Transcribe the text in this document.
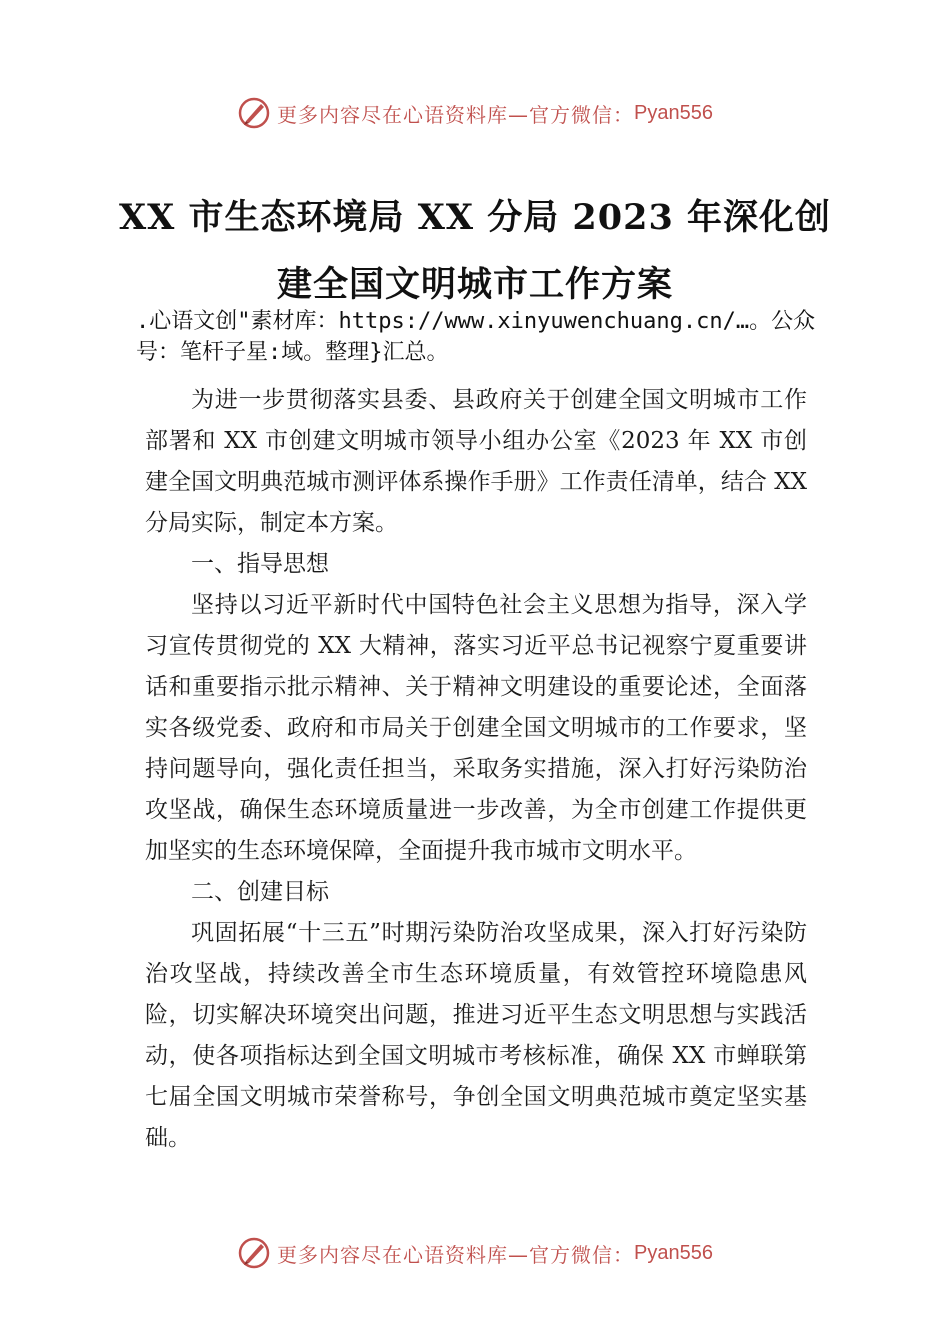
更多内容尽在心语资料库—官方微信： Pyan556
XX 市生态环境局 XX 分局 2023 年深化创
建全国文明城市工作方案
.心语文创"素材库：https://www.xinyuwenchuang.cn/…。公众号：笔杆子星:域。整理}汇总。

为进一步贯彻落实县委、县政府关于创建全国文明城市工作部署和 XX 市创建文明城市领导小组办公室《2023 年 XX 市创建全国文明典范城市测评体系操作手册》工作责任清单，结合 XX 分局实际，制定本方案。

一、指导思想

坚持以习近平新时代中国特色社会主义思想为指导，深入学习宣传贯彻党的 XX 大精神，落实习近平总书记视察宁夏重要讲话和重要指示批示精神、关于精神文明建设的重要论述，全面落实各级党委、政府和市局关于创建全国文明城市的工作要求，坚持问题导向，强化责任担当，采取务实措施，深入打好污染防治攻坚战，确保生态环境质量进一步改善，为全市创建工作提供更加坚实的生态环境保障，全面提升我市城市文明水平。

二、创建目标

巩固拓展“十三五”时期污染防治攻坚成果，深入打好污染防治攻坚战，持续改善全市生态环境质量，有效管控环境隐患风险，切实解决环境突出问题，推进习近平生态文明思想与实践活动，使各项指标达到全国文明城市考核标准，确保 XX 市蝉联第七届全国文明城市荣誉称号，争创全国文明典范城市奠定坚实基础。

更多内容尽在心语资料库—官方微信： Pyan556
